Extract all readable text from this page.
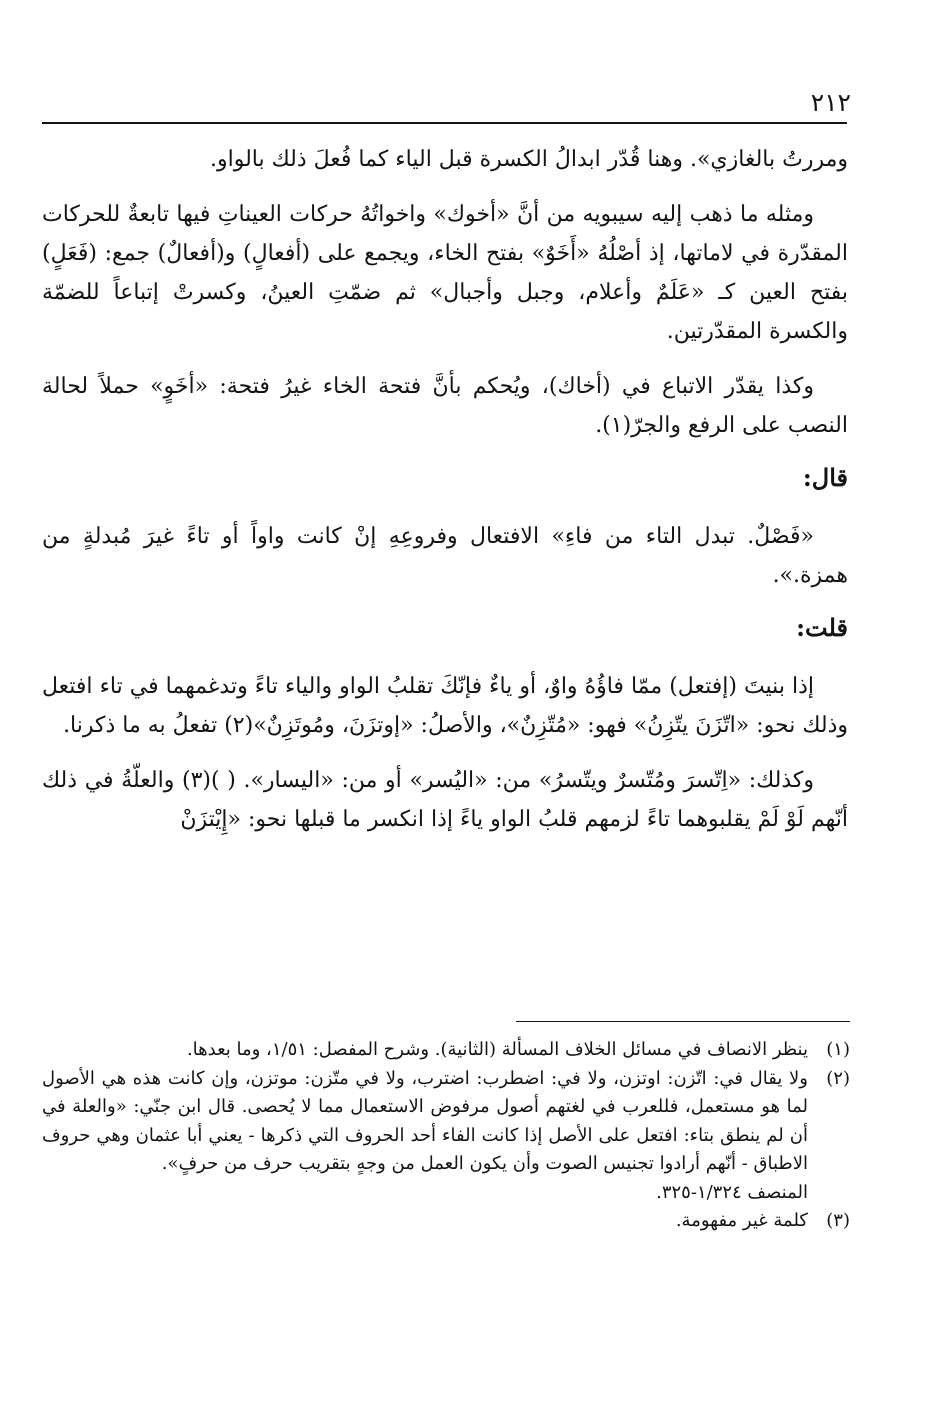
٢١٢

ومررتُ بالغازي». وهنا قُدّر ابدالُ الكسرة قبل الياء كما فُعلَ ذلك بالواو.

ومثله ما ذهب إليه سيبويه من أنَّ «أخوك» واخواتُهُ حركات العيناتِ فيها تابعةٌ للحركات المقدّرة في لاماتها، إذ أصْلُهُ «أَخَوٌ» بفتح الخاء، ويجمع على (أفعالٍ) و(أفعالٌ) جمع: (فَعَلٍ) بفتح العين كـ «عَلَمٌ وأعلام، وجبل وأجبال» ثم ضمّتِ العينُ، وكسرتْ إتباعاً للضمّة والكسرة المقدّرتين.

وكذا يقدّر الاتباع في (أخاك)، ويُحكم بأنَّ فتحة الخاء غيرُ فتحة: «أخَوٍ» حملاً لحالة النصب على الرفع والجرّ(١).

قال:

«فَصْلٌ. تبدل التاء من فاءِ» الافتعال وفروعِهِ إنْ كانت واواً أو تاءً غيرَ مُبدلةٍ من همزة.».

قلت:

إذا بنيتَ (إفتعل) ممّا فاؤُهُ واوٌ، أو ياءٌ فإنّكَ تقلبُ الواو والياء تاءً وتدغمهما في تاء افتعل وذلك نحو: «اتّزَنَ يتّزِنُ» فهو: «مُتّزِنٌ»، والأصلُ: «إوتزَنَ، ومُوتَزِنٌ»(٢) تفعلُ به ما ذكرنا.

وكذلك: «اِتّسرَ ومُتّسرٌ ويتّسرُ» من: «اليُسر» أو من: «اليسار». ( )(٣) والعلّةُ في ذلك أنّهم لَوْ لَمْ يقلبوهما تاءً لزمهم قلبُ الواو ياءً إذا انكسر ما قبلها نحو: «إِيْتزَنْ

(١)

ينظر الانصاف في مسائل الخلاف المسألة (الثانية). وشرح المفصل: ١/٥١، وما بعدها.

(٢)

ولا يقال في: اتّزن: اوتزن، ولا في: اضطرب: اضترب، ولا في متّزن: موتزن، وإن كانت هذه هي الأصول لما هو مستعمل، فللعرب في لغتهم أصول مرفوض الاستعمال مما لا يُحصى. قال ابن جنّي: «والعلة في أن لم ينطق بتاء: افتعل على الأصل إذا كانت الفاء أحد الحروف التي ذكرها - يعني أبا عثمان وهي حروف الاطباق - أنّهم أرادوا تجنيس الصوت وأن يكون العمل من وجهٍ بتقريب حرف من حرفٍ».

المنصف ١/٣٢٤-٣٢٥.

(٣)

كلمة غير مفهومة.
